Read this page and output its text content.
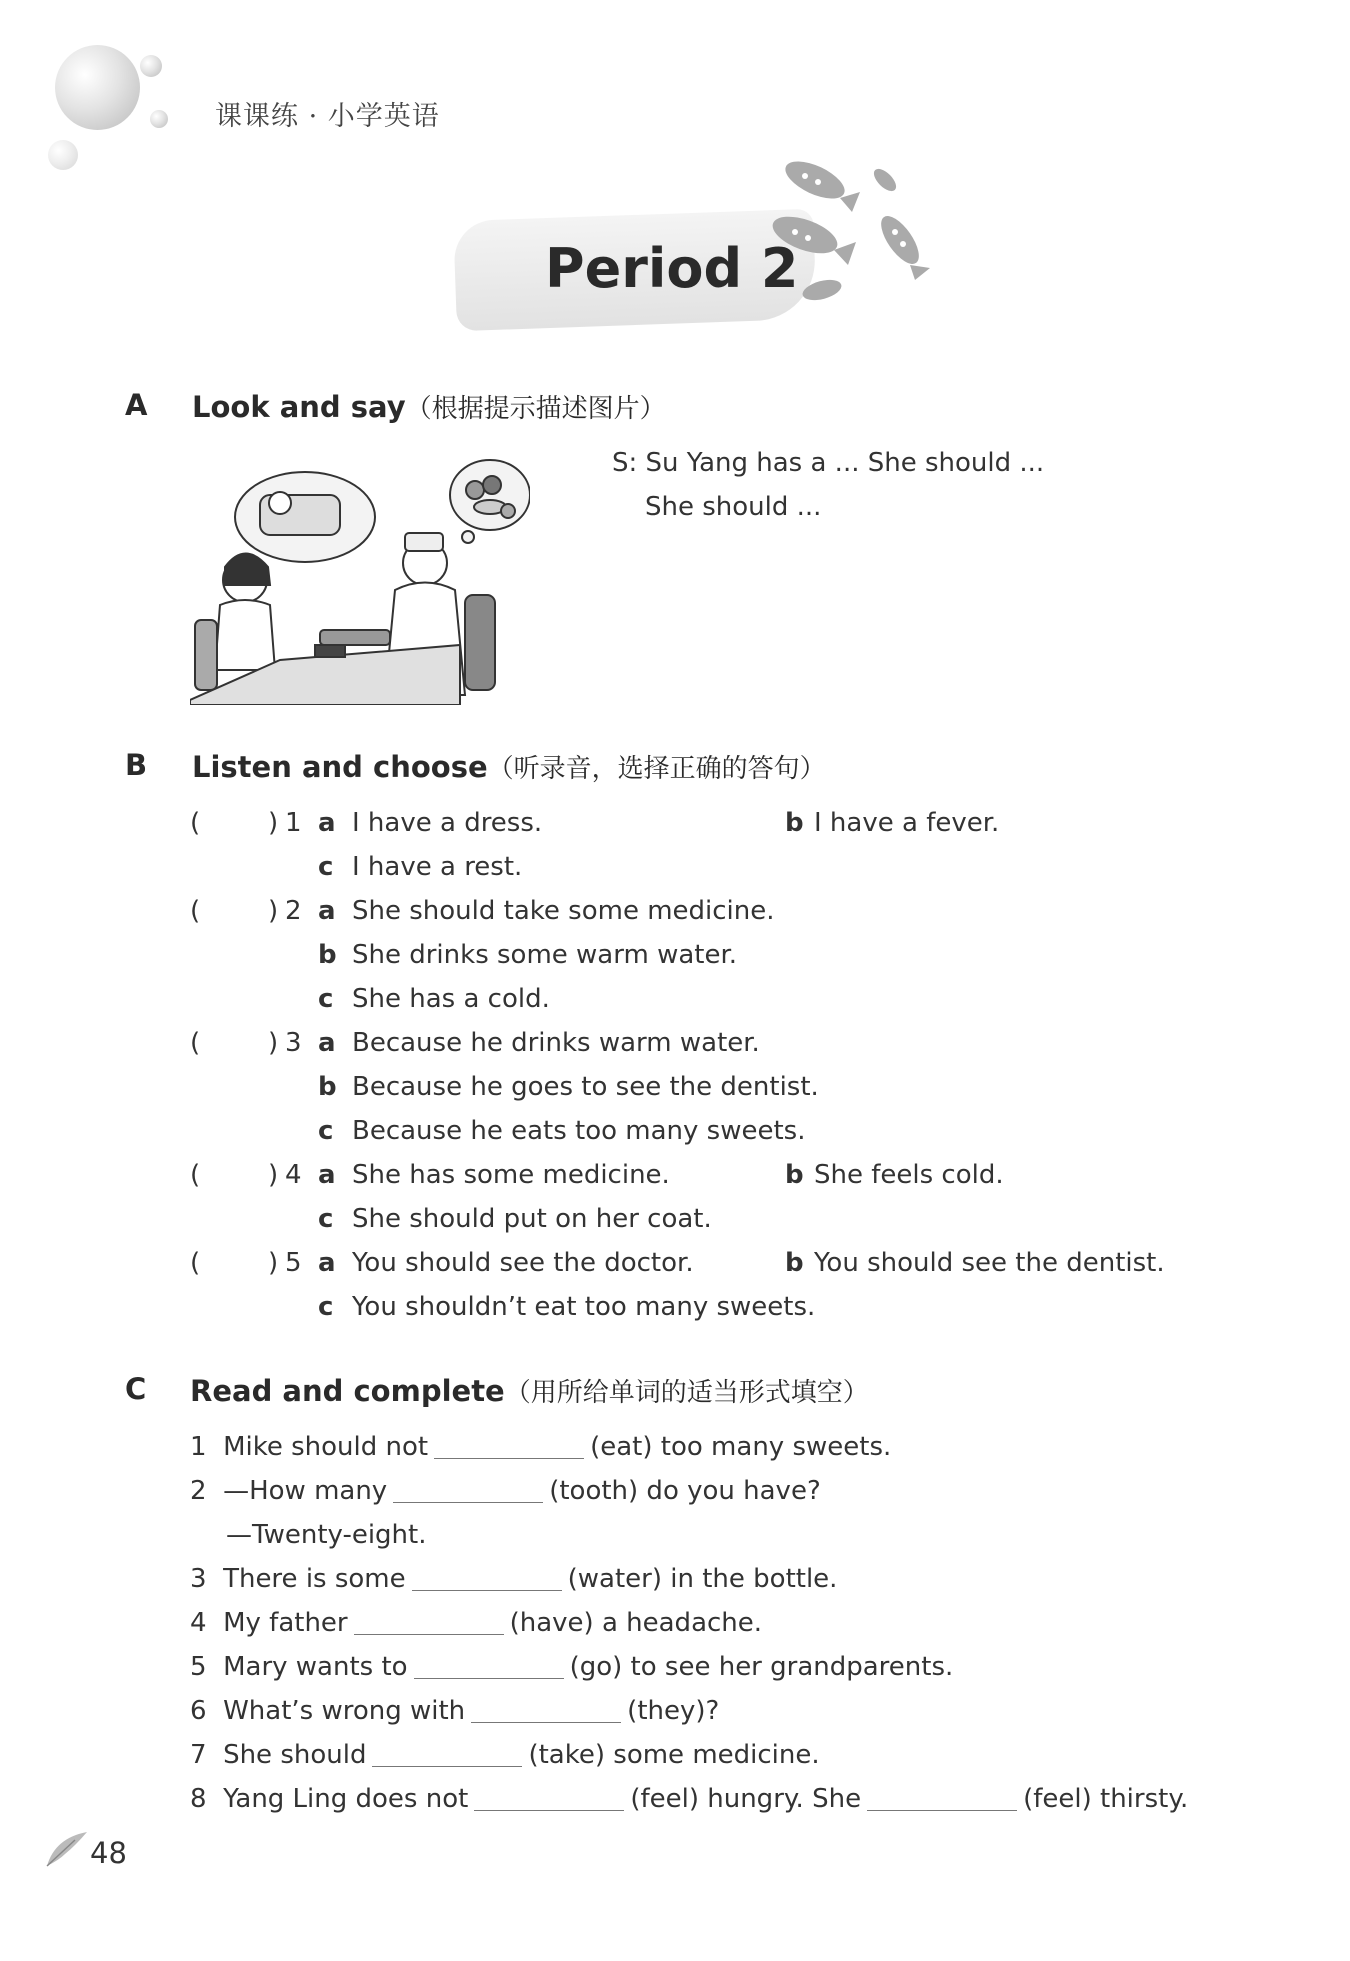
课课练 · 小学英语
Period 2
A Look and say（根据提示描述图片）
S: Su Yang has a ... She should ...
She should ...
B Listen and choose（听录音，选择正确的答句）
(	) 1 a I have a dress.	b I have a fever.
c I have a rest.
(	) 2 a She should take some medicine.
b She drinks some warm water.
c She has a cold.
(	) 3 a Because he drinks warm water.
b Because he goes to see the dentist.
c Because he eats too many sweets.
(	) 4 a She has some medicine.	b She feels cold.
c She should put on her coat.
(	) 5 a You should see the doctor.	b You should see the dentist.
c You shouldn’t eat too many sweets.
C Read and complete（用所给单词的适当形式填空）
1 Mike should not	(eat) too many sweets.
2 —How many	(tooth) do you have?
—Twenty-eight.
3 There is some	(water) in the bottle.
4 My father	(have) a headache.
5 Mary wants to	(go) to see her grandparents.
6 What’s wrong with	(they)?
7 She should	(take) some medicine.
8 Yang Ling does not	(feel) hungry. She	(feel) thirsty.
48
